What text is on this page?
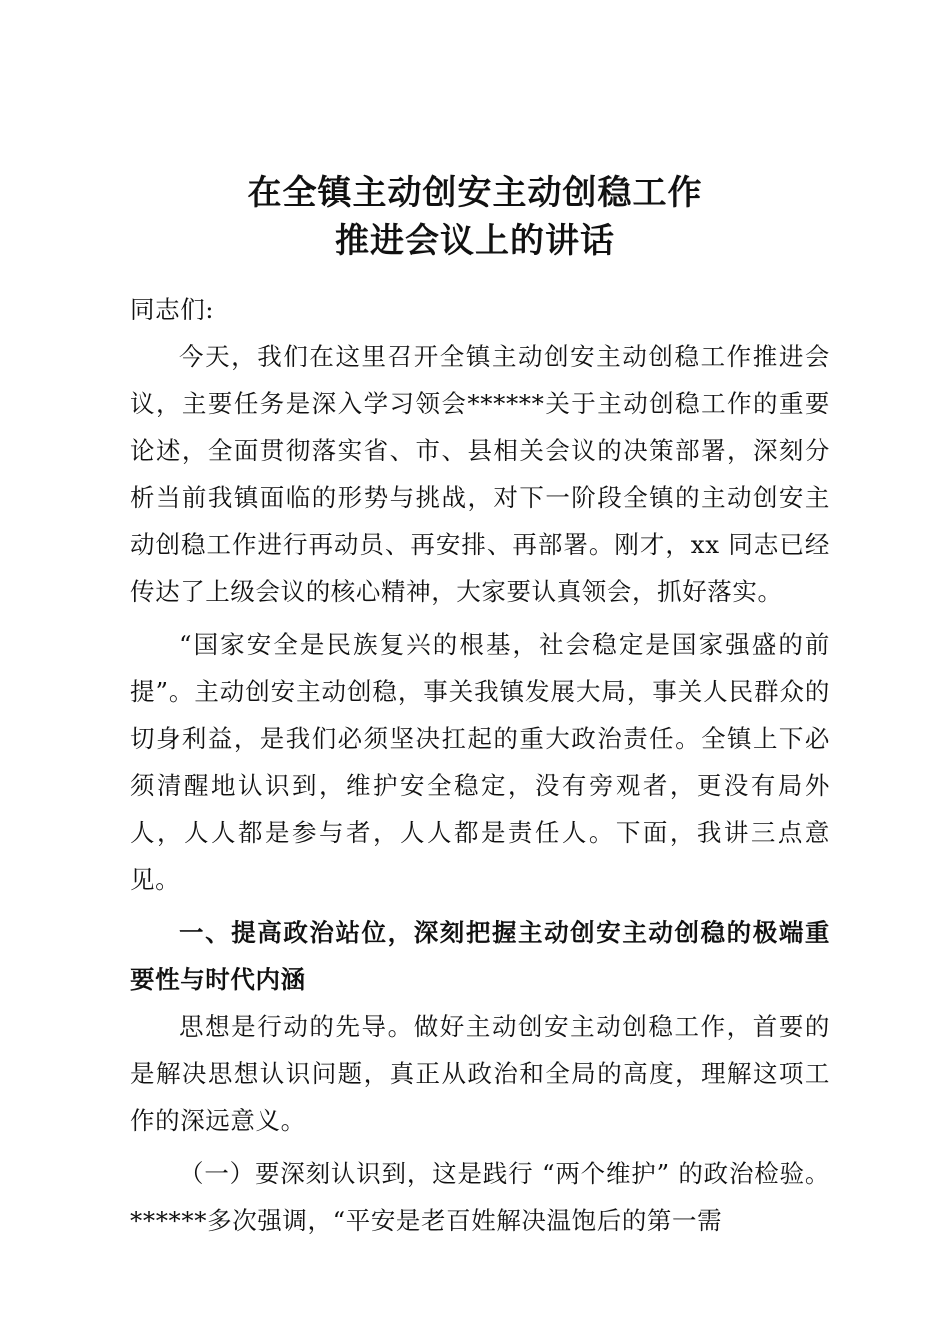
在全镇主动创安主动创稳工作
推进会议上的讲话

同志们:

今天，我们在这里召开全镇主动创安主动创稳工作推进会议，主要任务是深入学习领会******关于主动创稳工作的重要论述，全面贯彻落实省、市、县相关会议的决策部署，深刻分析当前我镇面临的形势与挑战，对下一阶段全镇的主动创安主动创稳工作进行再动员、再安排、再部署。刚才，xx 同志已经传达了上级会议的核心精神，大家要认真领会，抓好落实。

“国家安全是民族复兴的根基，社会稳定是国家强盛的前提”。主动创安主动创稳，事关我镇发展大局，事关人民群众的切身利益，是我们必须坚决扛起的重大政治责任。全镇上下必须清醒地认识到，维护安全稳定，没有旁观者，更没有局外人，人人都是参与者，人人都是责任人。下面，我讲三点意见。

一、提高政治站位，深刻把握主动创安主动创稳的极端重要性与时代内涵

思想是行动的先导。做好主动创安主动创稳工作，首要的是解决思想认识问题，真正从政治和全局的高度，理解这项工作的深远意义。

（一）要深刻认识到，这是践行 “两个维护” 的政治检验。 ******多次强调，“平安是老百姓解决温饱后的第一需
